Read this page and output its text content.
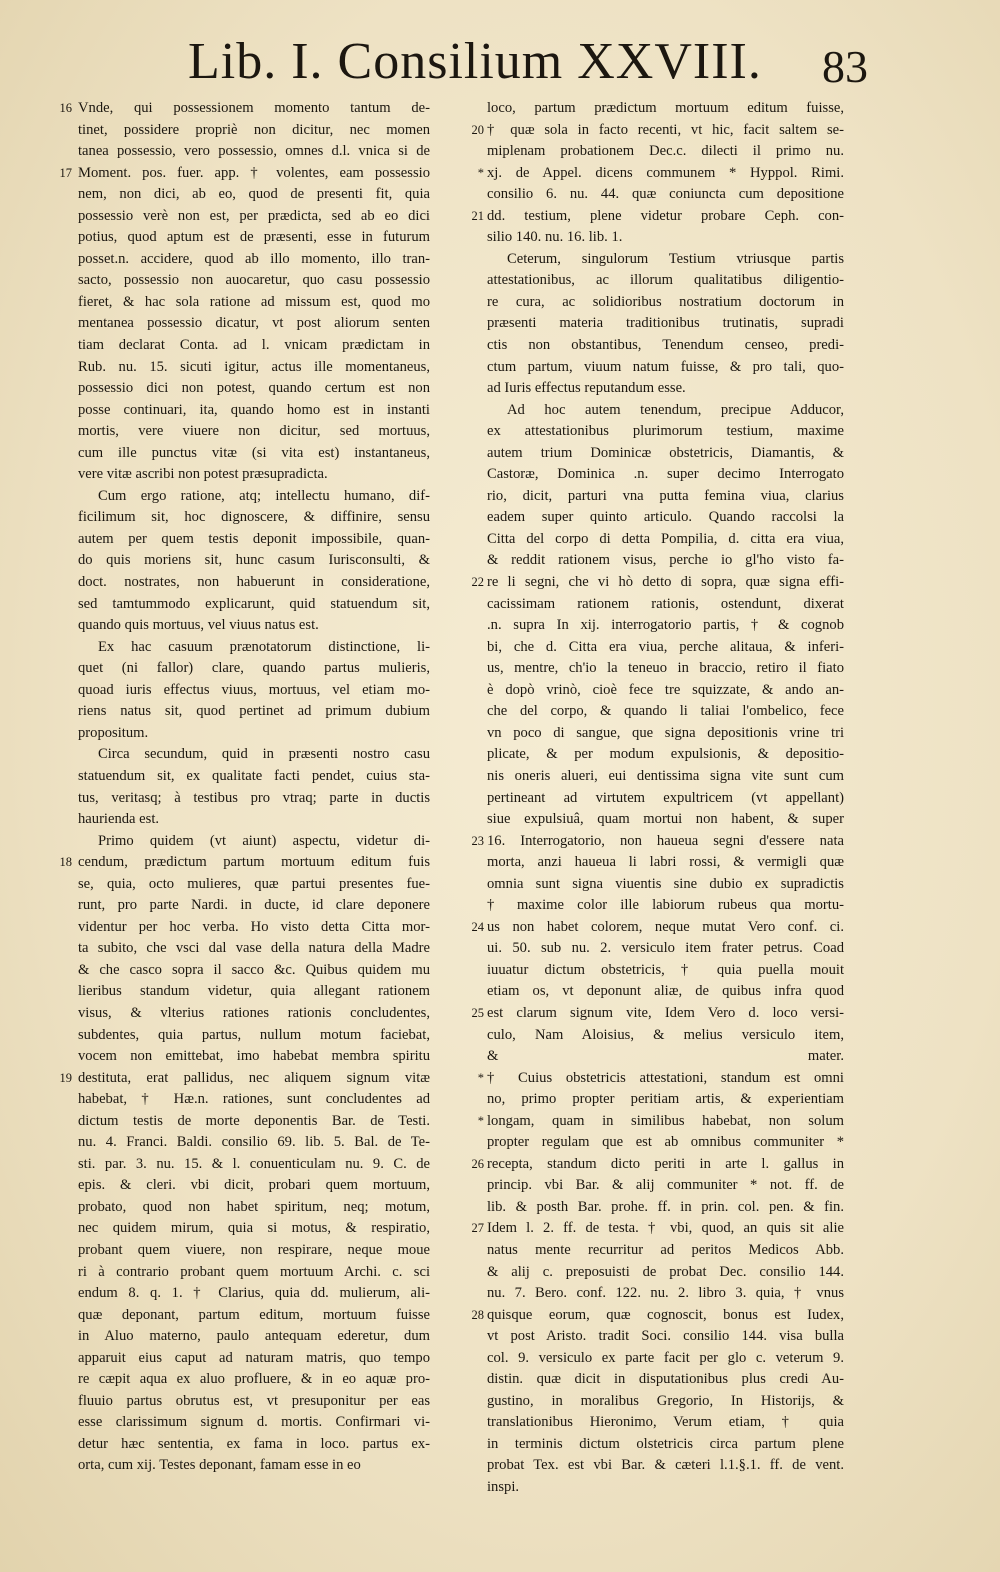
Lib. I. Consilium XXVIII. 83
16

17

18

19

Vnde, qui possessionem momento tantum de-
tinet, possidere propriè non dicitur, nec momen
tanea possessio, vero possessio, omnes d.l. vnica si de
Moment. pos. fuer. app. † volentes, eam possessio
nem, non dici, ab eo, quod de presenti fit, quia
possessio verè non est, per prædicta, sed ab eo dici
potius, quod aptum est de præsenti, esse in futurum
posset.n. accidere, quod ab illo momento, illo tran-
sacto, possessio non auocaretur, quo casu possessio
fieret, & hac sola ratione ad missum est, quod mo
mentanea possessio dicatur, vt post aliorum senten
tiam declarat Conta. ad l. vnicam prædictam in
Rub. nu. 15. sicuti igitur, actus ille momentaneus,
possessio dici non potest, quando certum est non
posse continuari, ita, quando homo est in instanti
mortis, vere viuere non dicitur, sed mortuus,
cum ille punctus vitæ (si vita est) instantaneus,
vere vitæ ascribi non potest præsupradicta.
Cum ergo ratione, atq; intellectu humano, dif-
ficilimum sit, hoc dignoscere, & diffinire, sensu
autem per quem testis deponit impossibile, quan-
do quis moriens sit, hunc casum Iurisconsulti, &
doct. nostrates, non habuerunt in consideratione,
sed tamtummodo explicarunt, quid statuendum sit,
quando quis mortuus, vel viuus natus est.
Ex hac casuum prænotatorum distinctione, li-
quet (ni fallor) clare, quando partus mulieris,
quoad iuris effectus viuus, mortuus, vel etiam mo-
riens natus sit, quod pertinet ad primum dubium
propositum.
Circa secundum, quid in præsenti nostro casu
statuendum sit, ex qualitate facti pendet, cuius sta-
tus, veritasq; à testibus pro vtraq; parte in ductis
haurienda est.
Primo quidem (vt aiunt) aspectu, videtur di-
cendum, prædictum partum mortuum editum fuis
se, quia, octo mulieres, quæ partui presentes fue-
runt, pro parte Nardi. in ducte, id clare deponere
videntur per hoc verba. Ho visto detta Citta mor-
ta subito, che vsci dal vase della natura della Madre
& che casco sopra il sacco &c. Quibus quidem mu
lieribus standum videtur, quia allegant rationem
visus, & vlterius rationes rationis concludentes,
subdentes, quia partus, nullum motum faciebat,
vocem non emittebat, imo habebat membra spiritu
destituta, erat pallidus, nec aliquem signum vitæ
habebat, † Hæ.n. rationes, sunt concludentes ad
dictum testis de morte deponentis Bar. de Testi.
nu. 4. Franci. Baldi. consilio 69. lib. 5. Bal. de Te-
sti. par. 3. nu. 15. & l. conuenticulam nu. 9. C. de
epis. & cleri. vbi dicit, probari quem mortuum,
probato, quod non habet spiritum, neq; motum,
nec quidem mirum, quia si motus, & respiratio,
probant quem viuere, non respirare, neque moue
ri à contrario probant quem mortuum Archi. c. sci
endum 8. q. 1. † Clarius, quia dd. mulierum, ali-
quæ deponant, partum editum, mortuum fuisse
in Aluo materno, paulo antequam ederetur, dum
apparuit eius caput ad naturam matris, quo tempo
re cæpit aqua ex aluo profluere, & in eo aquæ pro-
fluuio partus obrutus est, vt presuponitur per eas
esse clarissimum signum d. mortis. Confirmari vi-
detur hæc sententia, ex fama in loco. partus ex-
orta, cum xij. Testes deponant, famam esse in eo

20

*

21

22

23

24

25

*

*

26

27

28

loco, partum prædictum mortuum editum fuisse,
† quæ sola in facto recenti, vt hic, facit saltem se-
miplenam probationem Dec.c. dilecti il primo nu.
xj. de Appel. dicens communem * Hyppol. Rimi.
consilio 6. nu. 44. quæ coniuncta cum depositione
dd. testium, plene videtur probare Ceph. con-
silio 140. nu. 16. lib. 1.
Ceterum, singulorum Testium vtriusque partis
attestationibus, ac illorum qualitatibus diligentio-
re cura, ac solidioribus nostratium doctorum in
præsenti materia traditionibus trutinatis, supradi
ctis non obstantibus, Tenendum censeo, predi-
ctum partum, viuum natum fuisse, & pro tali, quo-
ad Iuris effectus reputandum esse.
Ad hoc autem tenendum, precipue Adducor,
ex attestationibus plurimorum testium, maxime
autem trium Dominicæ obstetricis, Diamantis, &
Castoræ, Dominica .n. super decimo Interrogato
rio, dicit, parturi vna putta femina viua, clarius
eadem super quinto articulo. Quando raccolsi la
Citta del corpo di detta Pompilia, d. citta era viua,
& reddit rationem visus, perche io gl'ho visto fa-
re li segni, che vi hò detto di sopra, quæ signa effi-
cacissimam rationem rationis, ostendunt, dixerat
.n. supra In xij. interrogatorio partis, † & cognob
bi, che d. Citta era viua, perche alitaua, & inferi-
us, mentre, ch'io la teneuo in braccio, retiro il fiato
è dopò vrinò, cioè fece tre squizzate, & ando an-
che del corpo, & quando li taliai l'ombelico, fece
vn poco di sangue, que signa depositionis vrine tri
plicate, & per modum expulsionis, & depositio-
nis oneris alueri, eui dentissima signa vite sunt cum
pertineant ad virtutem expultricem (vt appellant)
siue expulsiuâ, quam mortui non habent, & super
16. Interrogatorio, non haueua segni d'essere nata
morta, anzi haueua li labri rossi, & vermigli quæ
omnia sunt signa viuentis sine dubio ex supradictis
† maxime color ille labiorum rubeus qua mortu-
us non habet colorem, neque mutat Vero conf. ci.
ui. 50. sub nu. 2. versiculo item frater petrus. Coad
iuuatur dictum obstetricis, † quia puella mouit
etiam os, vt deponunt aliæ, de quibus infra quod
est clarum signum vite, Idem Vero d. loco versi-
culo, Nam Aloisius, & melius versiculo item,
& mater.
† Cuius obstetricis attestationi, standum est omni
no, primo propter peritiam artis, & experientiam
longam, quam in similibus habebat, non solum
propter regulam que est ab omnibus communiter *
recepta, standum dicto periti in arte l. gallus in
princip. vbi Bar. & alij communiter * not. ff. de
lib. & posth Bar. prohe. ff. in prin. col. pen. & fin.
Idem l. 2. ff. de testa. † vbi, quod, an quis sit alie
natus mente recurritur ad peritos Medicos Abb.
& alij c. preposuisti de probat Dec. consilio 144.
nu. 7. Bero. conf. 122. nu. 2. libro 3. quia, † vnus
quisque eorum, quæ cognoscit, bonus est Iudex,
vt post Aristo. tradit Soci. consilio 144. visa bulla
col. 9. versiculo ex parte facit per glo c. veterum 9.
distin. quæ dicit in disputationibus plus credi Au-
gustino, in moralibus Gregorio, In Historijs, &
translationibus Hieronimo, Verum etiam, † quia
in terminis dictum olstetricis circa partum plene
probat Tex. est vbi Bar. & cæteri l.1.§.1. ff. de vent.
inspi.
